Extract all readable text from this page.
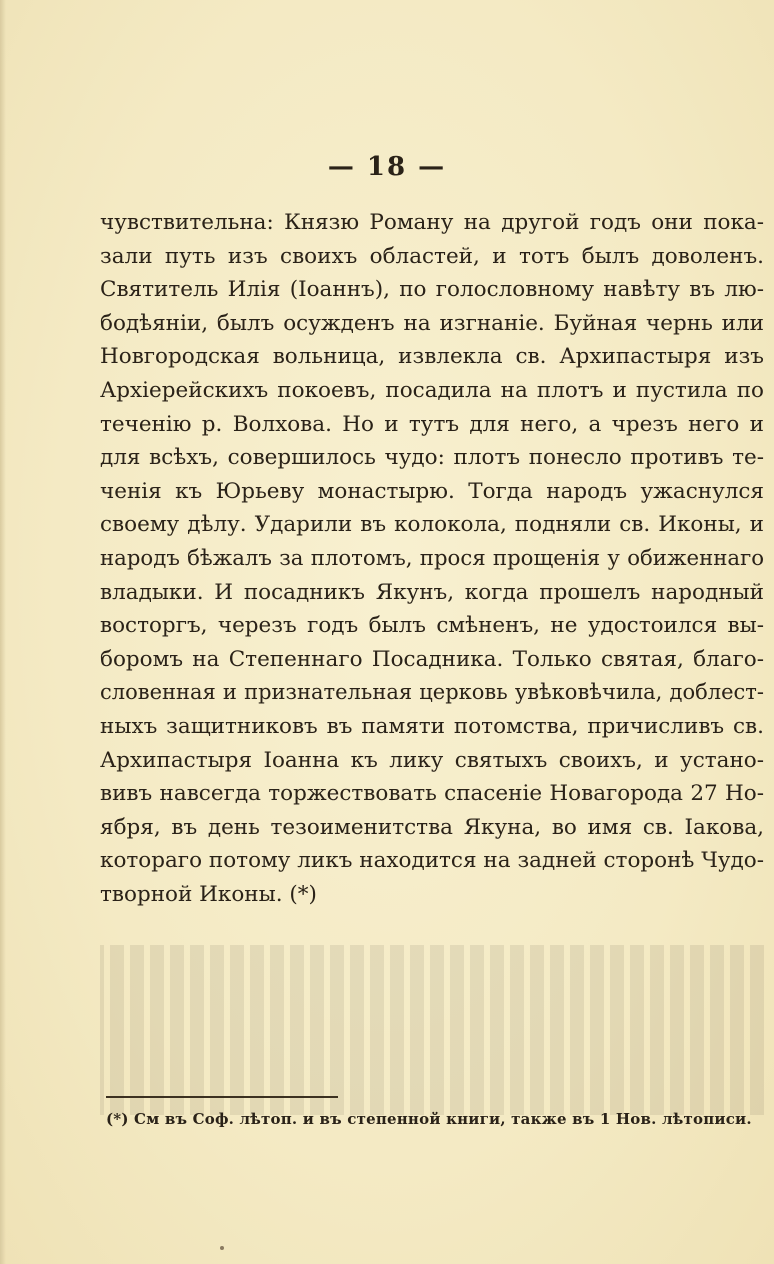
— 18 —
чувствительна: Князю Роману на другой годъ они пока-
зали путь изъ своихъ областей, и тотъ былъ доволенъ.
Святитель Илія (Іоаннъ), по голословному навѣту въ лю-
бодѣяніи, былъ осужденъ на изгнаніе. Буйная чернь или
Новгородская вольница, извлекла св. Архипастыря изъ
Архіерейскихъ покоевъ, посадила на плотъ и пустила по
теченію р. Волхова. Но и тутъ для него, а чрезъ него и
для всѣхъ, совершилось чудо: плотъ понесло противъ те-
ченія къ Юрьеву монастырю. Тогда народъ ужаснулся
своему дѣлу. Ударили въ колокола, подняли св. Иконы, и
народъ бѣжалъ за плотомъ, прося прощенія у обиженнаго
владыки. И посадникъ Якунъ, когда прошелъ народный
восторгъ, черезъ годъ былъ смѣненъ, не удостоился вы-
боромъ на Степеннаго Посадника. Только святая, благо-
словенная и признательная церковь увѣковѣчила, доблест-
ныхъ защитниковъ въ памяти потомства, причисливъ св.
Архипастыря Іоанна къ лику святыхъ своихъ, и устано-
вивъ навсегда торжествовать спасеніе Новагорода 27 Но-
ября, въ день тезоименитства Якуна, во имя св. Іакова,
котораго потому ликъ находится на задней сторонѣ Чудо-
творной Иконы. (*)
(*) См въ Соф. лѣтоп. и въ степенной книги, также въ 1 Нов. лѣтописи.
